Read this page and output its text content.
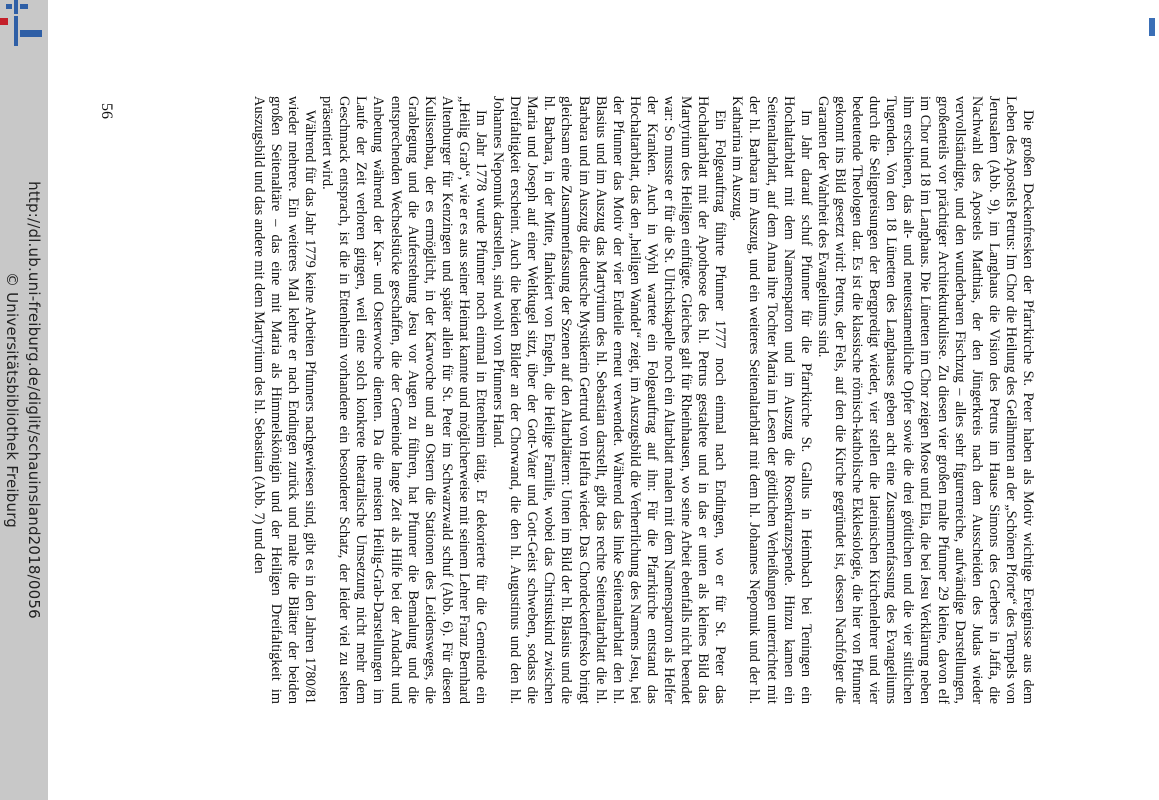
http://dl.ub.uni-freiburg.de/diglit/schauinsland2018/0056
© Universitätsbibliothek Freiburg
56	Die großen Deckenfresken der Pfarrkirche St. Peter haben als Motiv wichtige Ereignisse aus dem Leben des Apostels Petrus: Im Chor die Heilung des Gelähmten an der „Schönen Pforte“ des Tempels von Jerusalem (Abb. 9), im Langhaus die Vision des Petrus im Hause Simons des Gerbers in Jaffa, die Nachwahl des Apostels Matthias, der den Jüngerkreis nach dem Ausscheiden des Judas wieder vervollständigte, und den wunderbaren Fischzug – alles sehr figurenreiche, aufwändige Darstellungen, großenteils vor prächtiger Architekturkulisse. Zu diesen vier großen malte Pfunner 29 kleine, davon elf im Chor und 18 im Langhaus. Die Lünetten im Chor zeigen Mose und Elia, die bei Jesu Verklärung neben ihm erschienen, das alt- und neutestamentliche Opfer sowie die drei göttlichen und die vier sittlichen Tugenden. Von den 18 Lünetten des Langhauses geben acht eine Zusammenfassung des Evangeliums durch die Seligpreisungen der Bergpredigt wieder, vier stellen die lateinischen Kirchenlehrer und vier bedeutende Theologen dar. Es ist die klassische römisch-katholische Ekklesiologie, die hier von Pfunner gekonnt ins Bild gesetzt wird: Petrus, der Fels, auf den die Kirche gegründet ist, dessen Nachfolger die Garanten der Wahrheit des Evangeliums sind.

Im Jahr darauf schuf Pfunner für die Pfarrkirche St. Gallus in Heimbach bei Teningen ein Hochaltarblatt mit dem Namenspatron und im Auszug die Rosenkranzspende. Hinzu kamen ein Seitenaltarblatt, auf dem Anna ihre Tochter Maria im Lesen der göttlichen Verheißungen unterrichtet mit der hl. Barbara im Auszug, und ein weiteres Seitenaltarblatt mit dem hl. Johannes Nepomuk und der hl. Katharina im Auszug.

Ein Folgeauftrag führte Pfunner 1777 noch einmal nach Endingen, wo er für St. Peter das Hochaltarblatt mit der Apotheose des hl. Petrus gestaltete und in das er unten als kleines Bild das Martyrium des Heiligen einfügte. Gleiches galt für Rheinhausen, wo seine Arbeit ebenfalls nicht beendet war: So musste er für die St. Ulrichskapelle noch ein Altarblatt malen mit dem Namenspatron als Helfer der Kranken. Auch in Wyhl wartete ein Folgeauftrag auf ihn: Für die Pfarrkirche entstand das Hochaltarblatt, das den „heiligen Wandel“ zeigt, im Auszugsbild die Verherrlichung des Namens Jesu, bei der Pfunner das Motiv der vier Erdteile erneut verwendet. Während das linke Seitenaltarblatt den hl. Blasius und im Auszug das Martyrium des hl. Sebastian darstellt, gibt das rechte Seitenaltarblatt die hl. Barbara und im Auszug die deutsche Mystikerin Gertrud von Helfta wieder. Das Chordeckenfresko bringt gleichsam eine Zusammenfassung der Szenen auf den Altarblättern: Unten im Bild der hl. Blasius und die hl. Barbara, in der Mitte, flankiert von Engeln, die Heilige Familie, wobei das Christuskind zwischen Maria und Joseph auf einer Weltkugel sitzt, über der Gott-Vater und Gott-Geist schweben, sodass die Dreifaltigkeit erscheint. Auch die beiden Bilder an der Chorwand, die den hl. Augustinus und den hl. Johannes Nepomuk darstellen, sind wohl von Pfunners Hand.

Im Jahr 1778 wurde Pfunner noch einmal in Ettenheim tätig. Er dekorierte für die Gemeinde ein „Heilig Grab“, wie er es aus seiner Heimat kannte und möglicherweise mit seinem Lehrer Franz Bernhard Altenburger für Kenzingen und später allein für St. Peter im Schwarzwald schuf (Abb. 6). Für diesen Kulissenbau, der es ermöglicht, in der Karwoche und an Ostern die Stationen des Leidensweges, die Grablegung und die Auferstehung Jesu vor Augen zu führen, hat Pfunner die Bemalung und die entsprechenden Wechselstücke geschaffen, die der Gemeinde lange Zeit als Hilfe bei der Andacht und Anbetung während der Kar- und Osterwoche dienten. Da die meisten Heilig-Grab-Darstellungen im Laufe der Zeit verloren gingen, weil eine solch konkrete theatralische Umsetzung nicht mehr dem Geschmack entsprach, ist die in Ettenheim vorhandene ein besonderer Schatz, der leider viel zu selten präsentiert wird.

Während für das Jahr 1779 keine Arbeiten Pfunners nachgewiesen sind, gibt es in den Jahren 1780/81 wieder mehrere. Ein weiteres Mal kehrte er nach Endingen zurück und malte die Blätter der beiden großen Seitenaltäre – das eine mit Maria als Himmelskönigin und der Heiligen Dreifaltigkeit im Auszugsbild und das andere mit dem Martyrium des hl. Sebastian (Abb. 7) und den
